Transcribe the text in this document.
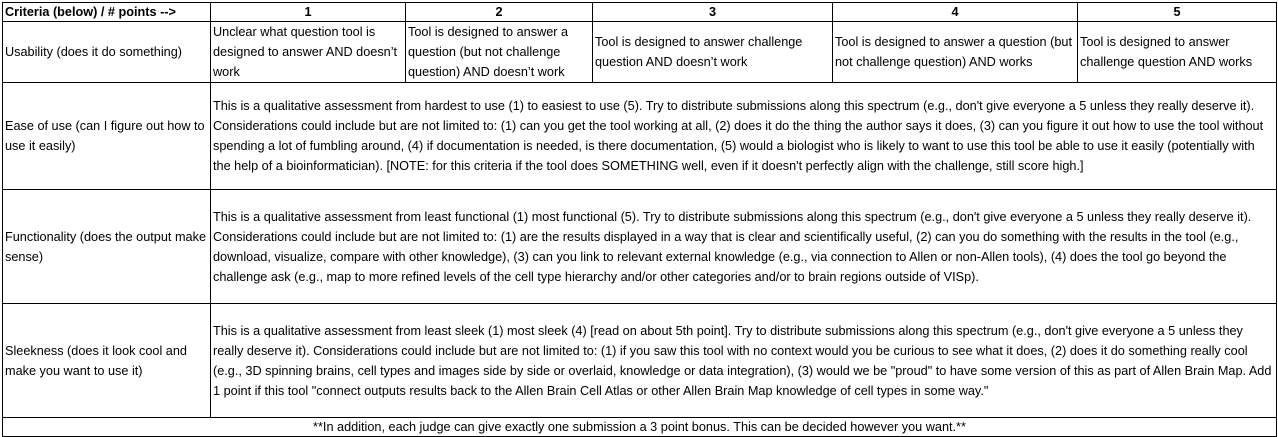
Criteria (below) / # points -->	1	2	3	4	5
Usability (does it do something)	Unclear what question tool is designed to answer AND doesn’t work	Tool is designed to answer a question (but not challenge question) AND doesn’t work	Tool is designed to answer challenge question AND doesn’t work	Tool is designed to answer a question (but not challenge question) AND works	Tool is designed to answer challenge question AND works
Ease of use (can I figure out how to use it easily)	This is a qualitative assessment from hardest to use (1) to easiest to use (5). Try to distribute submissions along this spectrum (e.g., don't give everyone a 5 unless they really deserve it). Considerations could include but are not limited to: (1) can you get the tool working at all, (2) does it do the thing the author says it does, (3) can you figure it out how to use the tool without spending a lot of fumbling around, (4) if documentation is needed, is there documentation, (5) would a biologist who is likely to want to use this tool be able to use it easily (potentially with the help of a bioinformatician). [NOTE: for this criteria if the tool does SOMETHING well, even if it doesn't perfectly align with the challenge, still score high.]				
Functionality (does the output make sense)	This is a qualitative assessment from least functional (1) most functional (5). Try to distribute submissions along this spectrum (e.g., don't give everyone a 5 unless they really deserve it). Considerations could include but are not limited to: (1) are the results displayed in a way that is clear and scientifically useful, (2) can you do something with the results in the tool (e.g., download, visualize, compare with other knowledge), (3) can you link to relevant external knowledge (e.g., via connection to Allen or non-Allen tools), (4) does the tool go beyond the challenge ask (e.g., map to more refined levels of the cell type hierarchy and/or other categories and/or to brain regions outside of VISp).				
Sleekness (does it look cool and make you want to use it)	This is a qualitative assessment from least sleek (1) most sleek (4) [read on about 5th point]. Try to distribute submissions along this spectrum (e.g., don't give everyone a 5 unless they really deserve it). Considerations could include but are not limited to: (1) if you saw this tool with no context would you be curious to see what it does, (2) does it do something really cool (e.g., 3D spinning brains, cell types and images side by side or overlaid, knowledge or data integration), (3) would we be "proud" to have some version of this as part of Allen Brain Map. Add 1 point if this tool "connect outputs results back to the Allen Brain Cell Atlas or other Allen Brain Map knowledge of cell types in some way."				
**In addition, each judge can give exactly one submission a 3 point bonus. This can be decided however you want.**					
